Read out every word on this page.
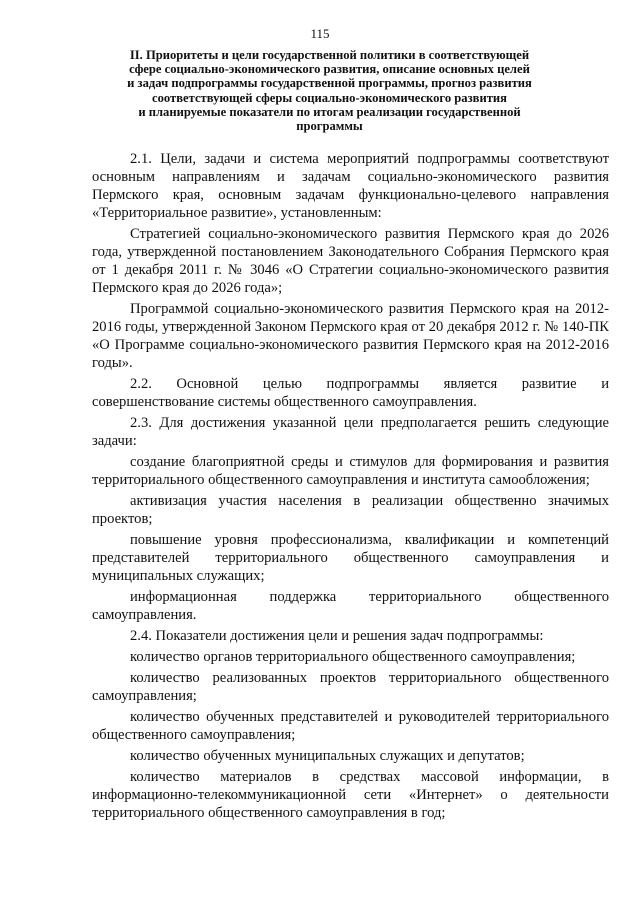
115
II. Приоритеты и цели государственной политики в соответствующей
сфере социально-экономического развития, описание основных целей
и задач подпрограммы государственной программы, прогноз развития
соответствующей сферы социально-экономического развития
и планируемые показатели по итогам реализации государственной
программы

2.1. Цели, задачи и система мероприятий подпрограммы соответствуют основным направлениям и задачам социально-экономического развития Пермского края, основным задачам функционально-целевого направления «Территориальное развитие», установленным:

Стратегией социально-экономического развития Пермского края до 2026 года, утвержденной постановлением Законодательного Собрания Пермского края от 1 декабря 2011 г. № 3046 «О Стратегии социально-экономического развития Пермского края до 2026 года»;

Программой социально-экономического развития Пермского края на 2012-2016 годы, утвержденной Законом Пермского края от 20 декабря 2012 г. № 140-ПК «О Программе социально-экономического развития Пермского края на 2012-2016 годы».

2.2. Основной целью подпрограммы является развитие и совершенствование системы общественного самоуправления.

2.3. Для достижения указанной цели предполагается решить следующие задачи:

создание благоприятной среды и стимулов для формирования и развития территориального общественного самоуправления и института самообложения;

активизация участия населения в реализации общественно значимых проектов;

повышение уровня профессионализма, квалификации и компетенций представителей территориального общественного самоуправления и муниципальных служащих;

информационная поддержка территориального общественного самоуправления.

2.4. Показатели достижения цели и решения задач подпрограммы:

количество органов территориального общественного самоуправления;

количество реализованных проектов территориального общественного самоуправления;

количество обученных представителей и руководителей территориального общественного самоуправления;

количество обученных муниципальных служащих и депутатов;

количество материалов в средствах массовой информации, в информационно-телекоммуникационной сети «Интернет» о деятельности территориального общественного самоуправления в год;
